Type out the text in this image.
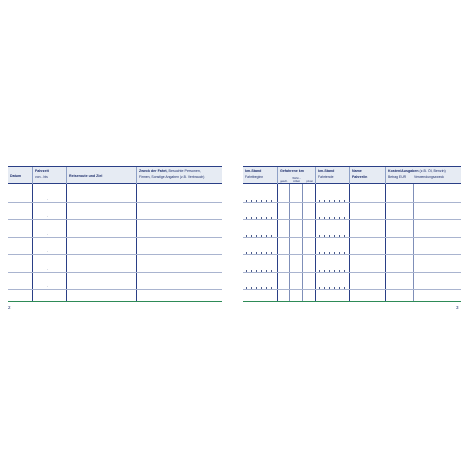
Datum
Fahrzeit
von - bis	Reiseroute und Ziel
Zweck der Fahrt, Besuchte Personen,
Firmen, Sonstige Angaben (z.B. Verbrauch)
-
-
-
-
-
-
2
km-Stand
Fahrtbeginn
Gefahrene km
gesch.
Wohn.-Arbeit	privat
km-Stand
Fahrtende
Name
Fahrer/in
Kosten/Ausgaben (z.B. Öl, Benzin)
Betrag EUR Verwendungszweck
3
